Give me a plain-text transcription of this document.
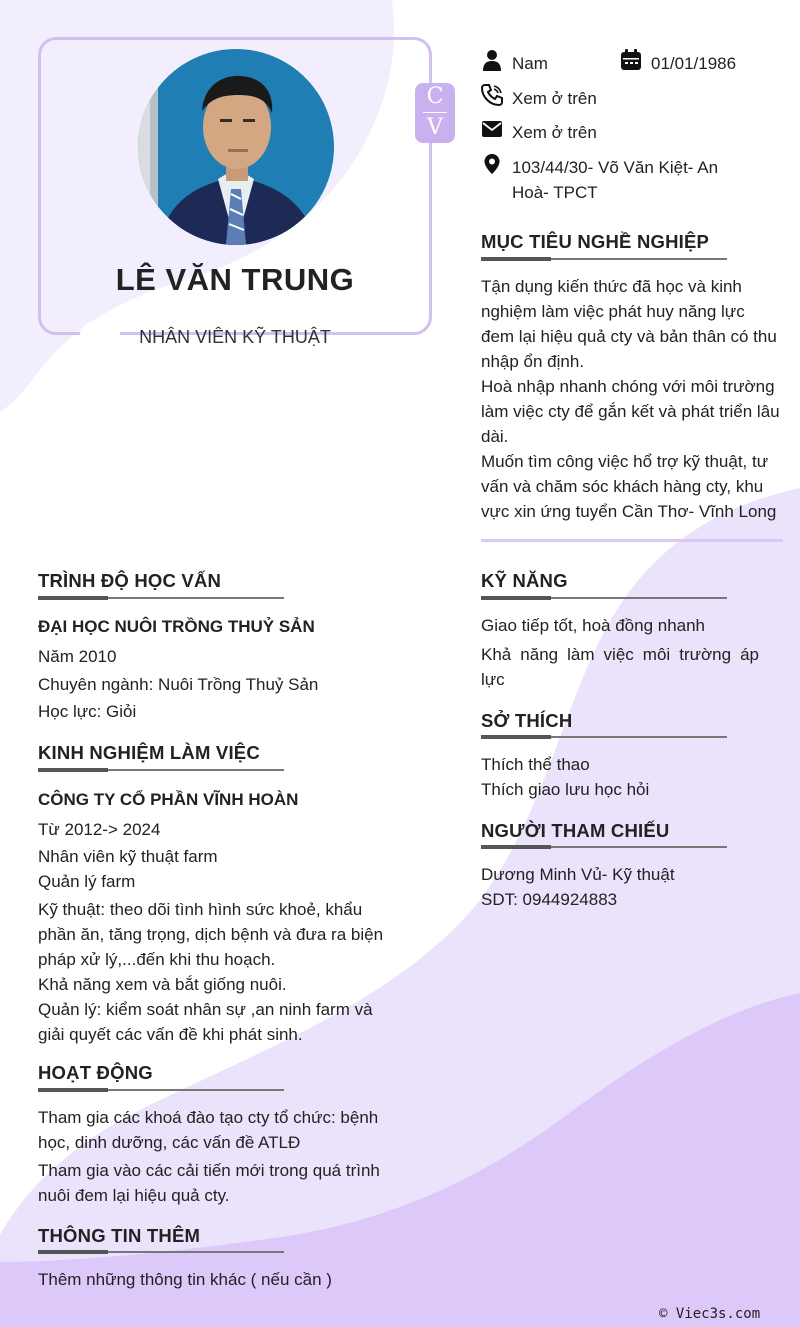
LÊ VĂN TRUNG
NHÂN VIÊN KỸ THUẬT
C
V
Nam	01/01/1986
Xem ở trên
Xem ở trên
103/44/30- Võ Văn Kiệt- An
Hoà- TPCT
MỤC TIÊU NGHỀ NGHIỆP
Tận dụng kiến thức đã học và kinh
nghiệm làm việc phát huy năng lực
đem lại hiệu quả cty và bản thân có thu
nhập ổn định.
Hoà nhập nhanh chóng với môi trường
làm việc cty để gắn kết và phát triển lâu
dài.
Muốn tìm công việc hổ trợ kỹ thuật, tư
vấn và chăm sóc khách hàng cty, khu
vực xin ứng tuyển Cần Thơ- Vĩnh Long
TRÌNH ĐỘ HỌC VẤN
ĐẠI HỌC NUÔI TRỒNG THUỶ SẢN
Năm 2010
Chuyên ngành: Nuôi Trồng Thuỷ Sản
Học lực: Giỏi
KINH NGHIỆM LÀM VIỆC
CÔNG TY CỔ PHẦN VĨNH HOÀN
Từ 2012-> 2024
Nhân viên kỹ thuật farm
Quản lý farm
Kỹ thuật: theo dõi tình hình sức khoẻ, khẩu
phần ăn, tăng trọng, dịch bệnh và đưa ra biện
pháp xử lý,...đến khi thu hoạch.
Khả năng xem và bắt giống nuôi.
Quản lý: kiểm soát nhân sự ,an ninh farm và
giải quyết các vấn đề khi phát sinh.
HOẠT ĐỘNG
Tham gia các khoá đào tạo cty tổ chức: bệnh
học, dinh dưỡng, các vấn đề ATLĐ
Tham gia vào các cải tiến mới trong quá trình
nuôi đem lại hiệu quả cty.
THÔNG TIN THÊM
Thêm những thông tin khác ( nếu cần )
KỸ NĂNG
Giao tiếp tốt, hoà đồng nhanh
Khả năng làm việc môi trường áp
lực
SỞ THÍCH
Thích thể thao
Thích giao lưu học hỏi
NGƯỜI THAM CHIẾU
Dương Minh Vủ- Kỹ thuật
SDT: 0944924883
© Viec3s.com
